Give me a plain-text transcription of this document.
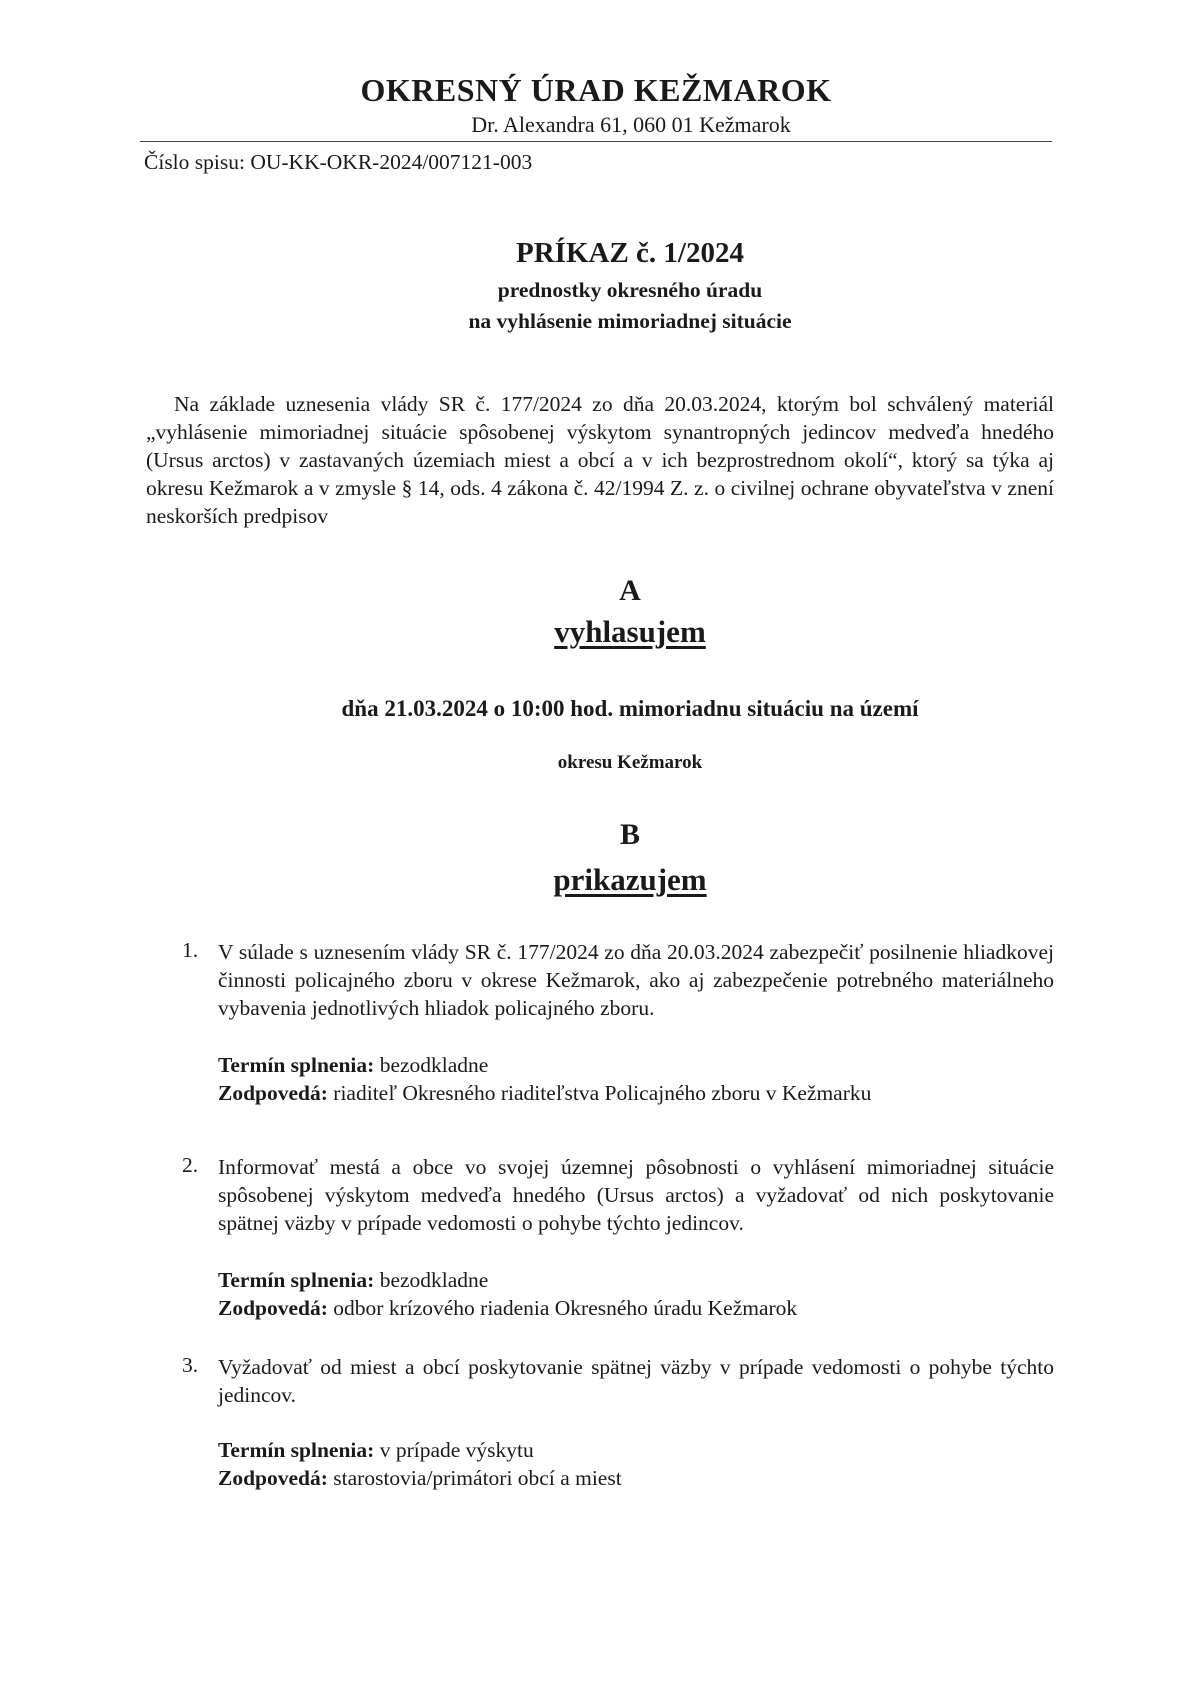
OKRESNÝ ÚRAD KEŽMAROK
Dr. Alexandra 61, 060 01 Kežmarok
Číslo spisu: OU-KK-OKR-2024/007121-003
PRÍKAZ č. 1/2024
prednostky okresného úradu
na vyhlásenie mimoriadnej situácie
Na základe uznesenia vlády SR č. 177/2024 zo dňa 20.03.2024, ktorým bol schválený materiál „vyhlásenie mimoriadnej situácie spôsobenej výskytom synantropných jedincov medveďa hnedého (Ursus arctos) v zastavaných územiach miest a obcí a v ich bezprostrednom okolí“, ktorý sa týka aj okresu Kežmarok a v zmysle § 14, ods. 4 zákona č. 42/1994 Z. z. o civilnej ochrane obyvateľstva v znení neskorších predpisov
A
vyhlasujem
dňa 21.03.2024 o 10:00 hod. mimoriadnu situáciu na území
okresu Kežmarok
B
prikazujem
1. V súlade s uznesením vlády SR č. 177/2024 zo dňa 20.03.2024 zabezpečiť posilnenie hliadkovej činnosti policajného zboru v okrese Kežmarok, ako aj zabezpečenie potrebného materiálneho vybavenia jednotlivých hliadok policajného zboru.
Termín splnenia: bezodkladne
Zodpovedá: riaditeľ Okresného riaditeľstva Policajného zboru v Kežmarku
2. Informovať mestá a obce vo svojej územnej pôsobnosti o vyhlásení mimoriadnej situácie spôsobenej výskytom medveďa hnedého (Ursus arctos) a vyžadovať od nich poskytovanie spätnej väzby v prípade vedomosti o pohybe týchto jedincov.
Termín splnenia: bezodkladne
Zodpovedá: odbor krízového riadenia Okresného úradu Kežmarok
3. Vyžadovať od miest a obcí poskytovanie spätnej väzby v prípade vedomosti o pohybe týchto jedincov.
Termín splnenia: v prípade výskytu
Zodpovedá: starostovia/primátori obcí a miest
